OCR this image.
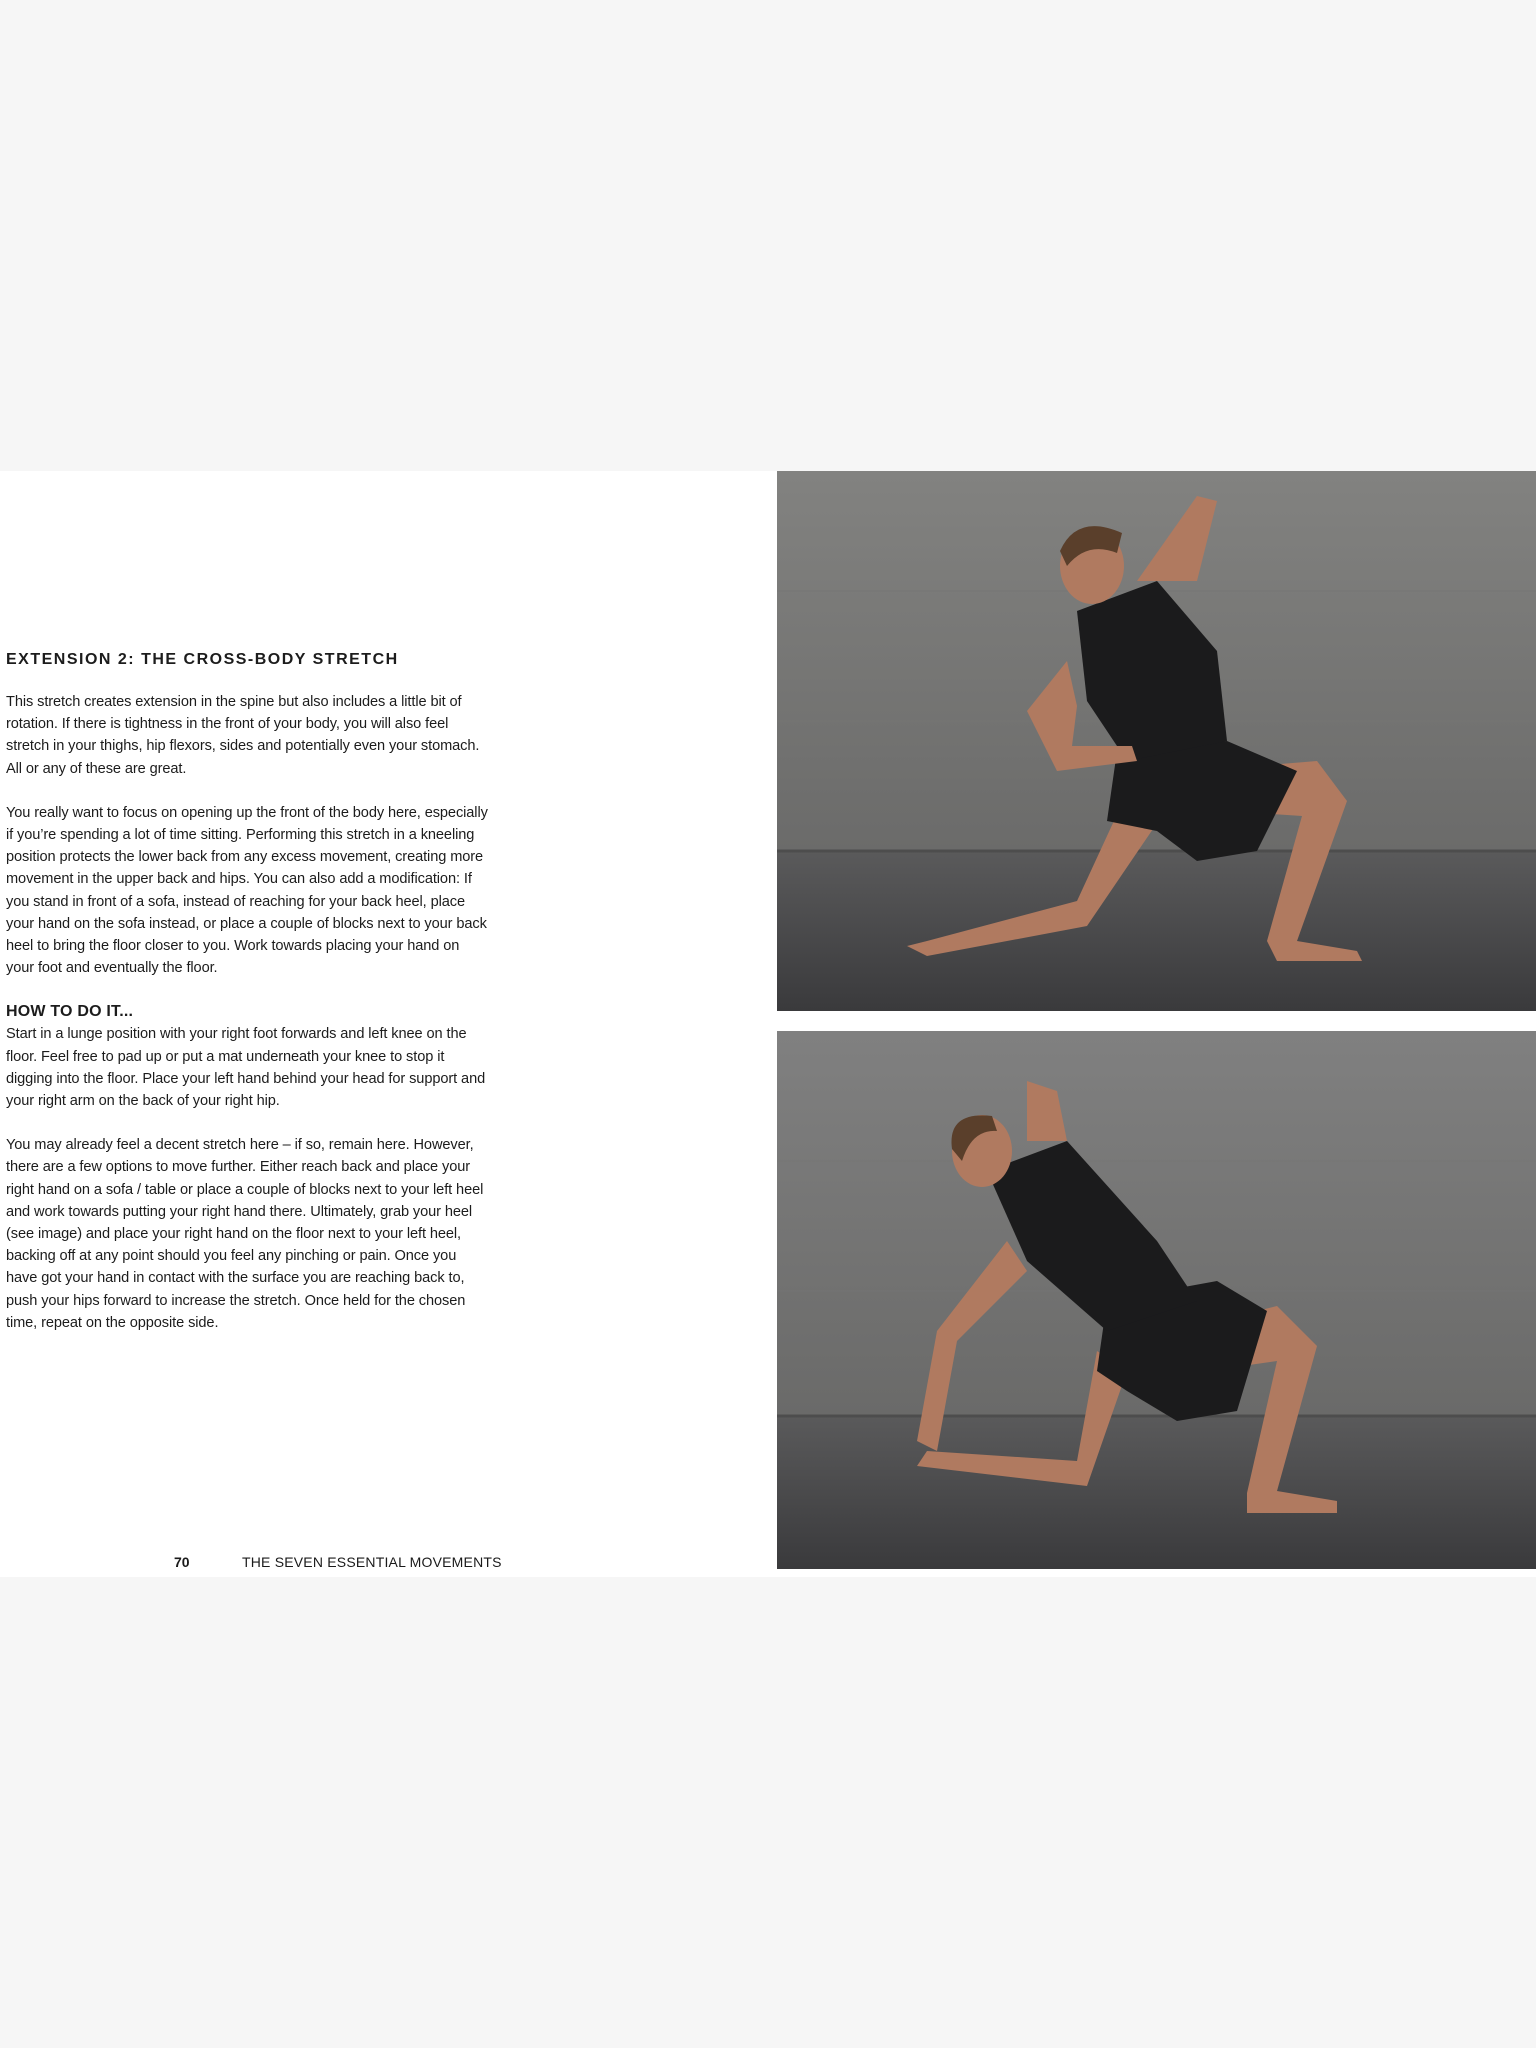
EXTENSION 2: THE CROSS-BODY STRETCH

This stretch creates extension in the spine but also includes a little bit of rotation. If there is tightness in the front of your body, you will also feel stretch in your thighs, hip flexors, sides and potentially even your stomach. All or any of these are great.

You really want to focus on opening up the front of the body here, especially if you’re spending a lot of time sitting. Performing this stretch in a kneeling position protects the lower back from any excess movement, creating more movement in the upper back and hips. You can also add a modification: If you stand in front of a sofa, instead of reaching for your back heel, place your hand on the sofa instead, or place a couple of blocks next to your back heel to bring the floor closer to you. Work towards placing your hand on your foot and eventually the floor.

HOW TO DO IT...

Start in a lunge position with your right foot forwards and left knee on the floor. Feel free to pad up or put a mat underneath your knee to stop it digging into the floor. Place your left hand behind your head for support and your right arm on the back of your right hip.

You may already feel a decent stretch here – if so, remain here. However, there are a few options to move further. Either reach back and place your right hand on a sofa / table or place a couple of blocks next to your left heel and work towards putting your right hand there. Ultimately, grab your heel (see image) and place your right hand on the floor next to your left heel, backing off at any point should you feel any pinching or pain. Once you have got your hand in contact with the surface you are reaching back to, push your hips forward to increase the stretch. Once held for the chosen time, repeat on the opposite side.

70	THE SEVEN ESSENTIAL MOVEMENTS
